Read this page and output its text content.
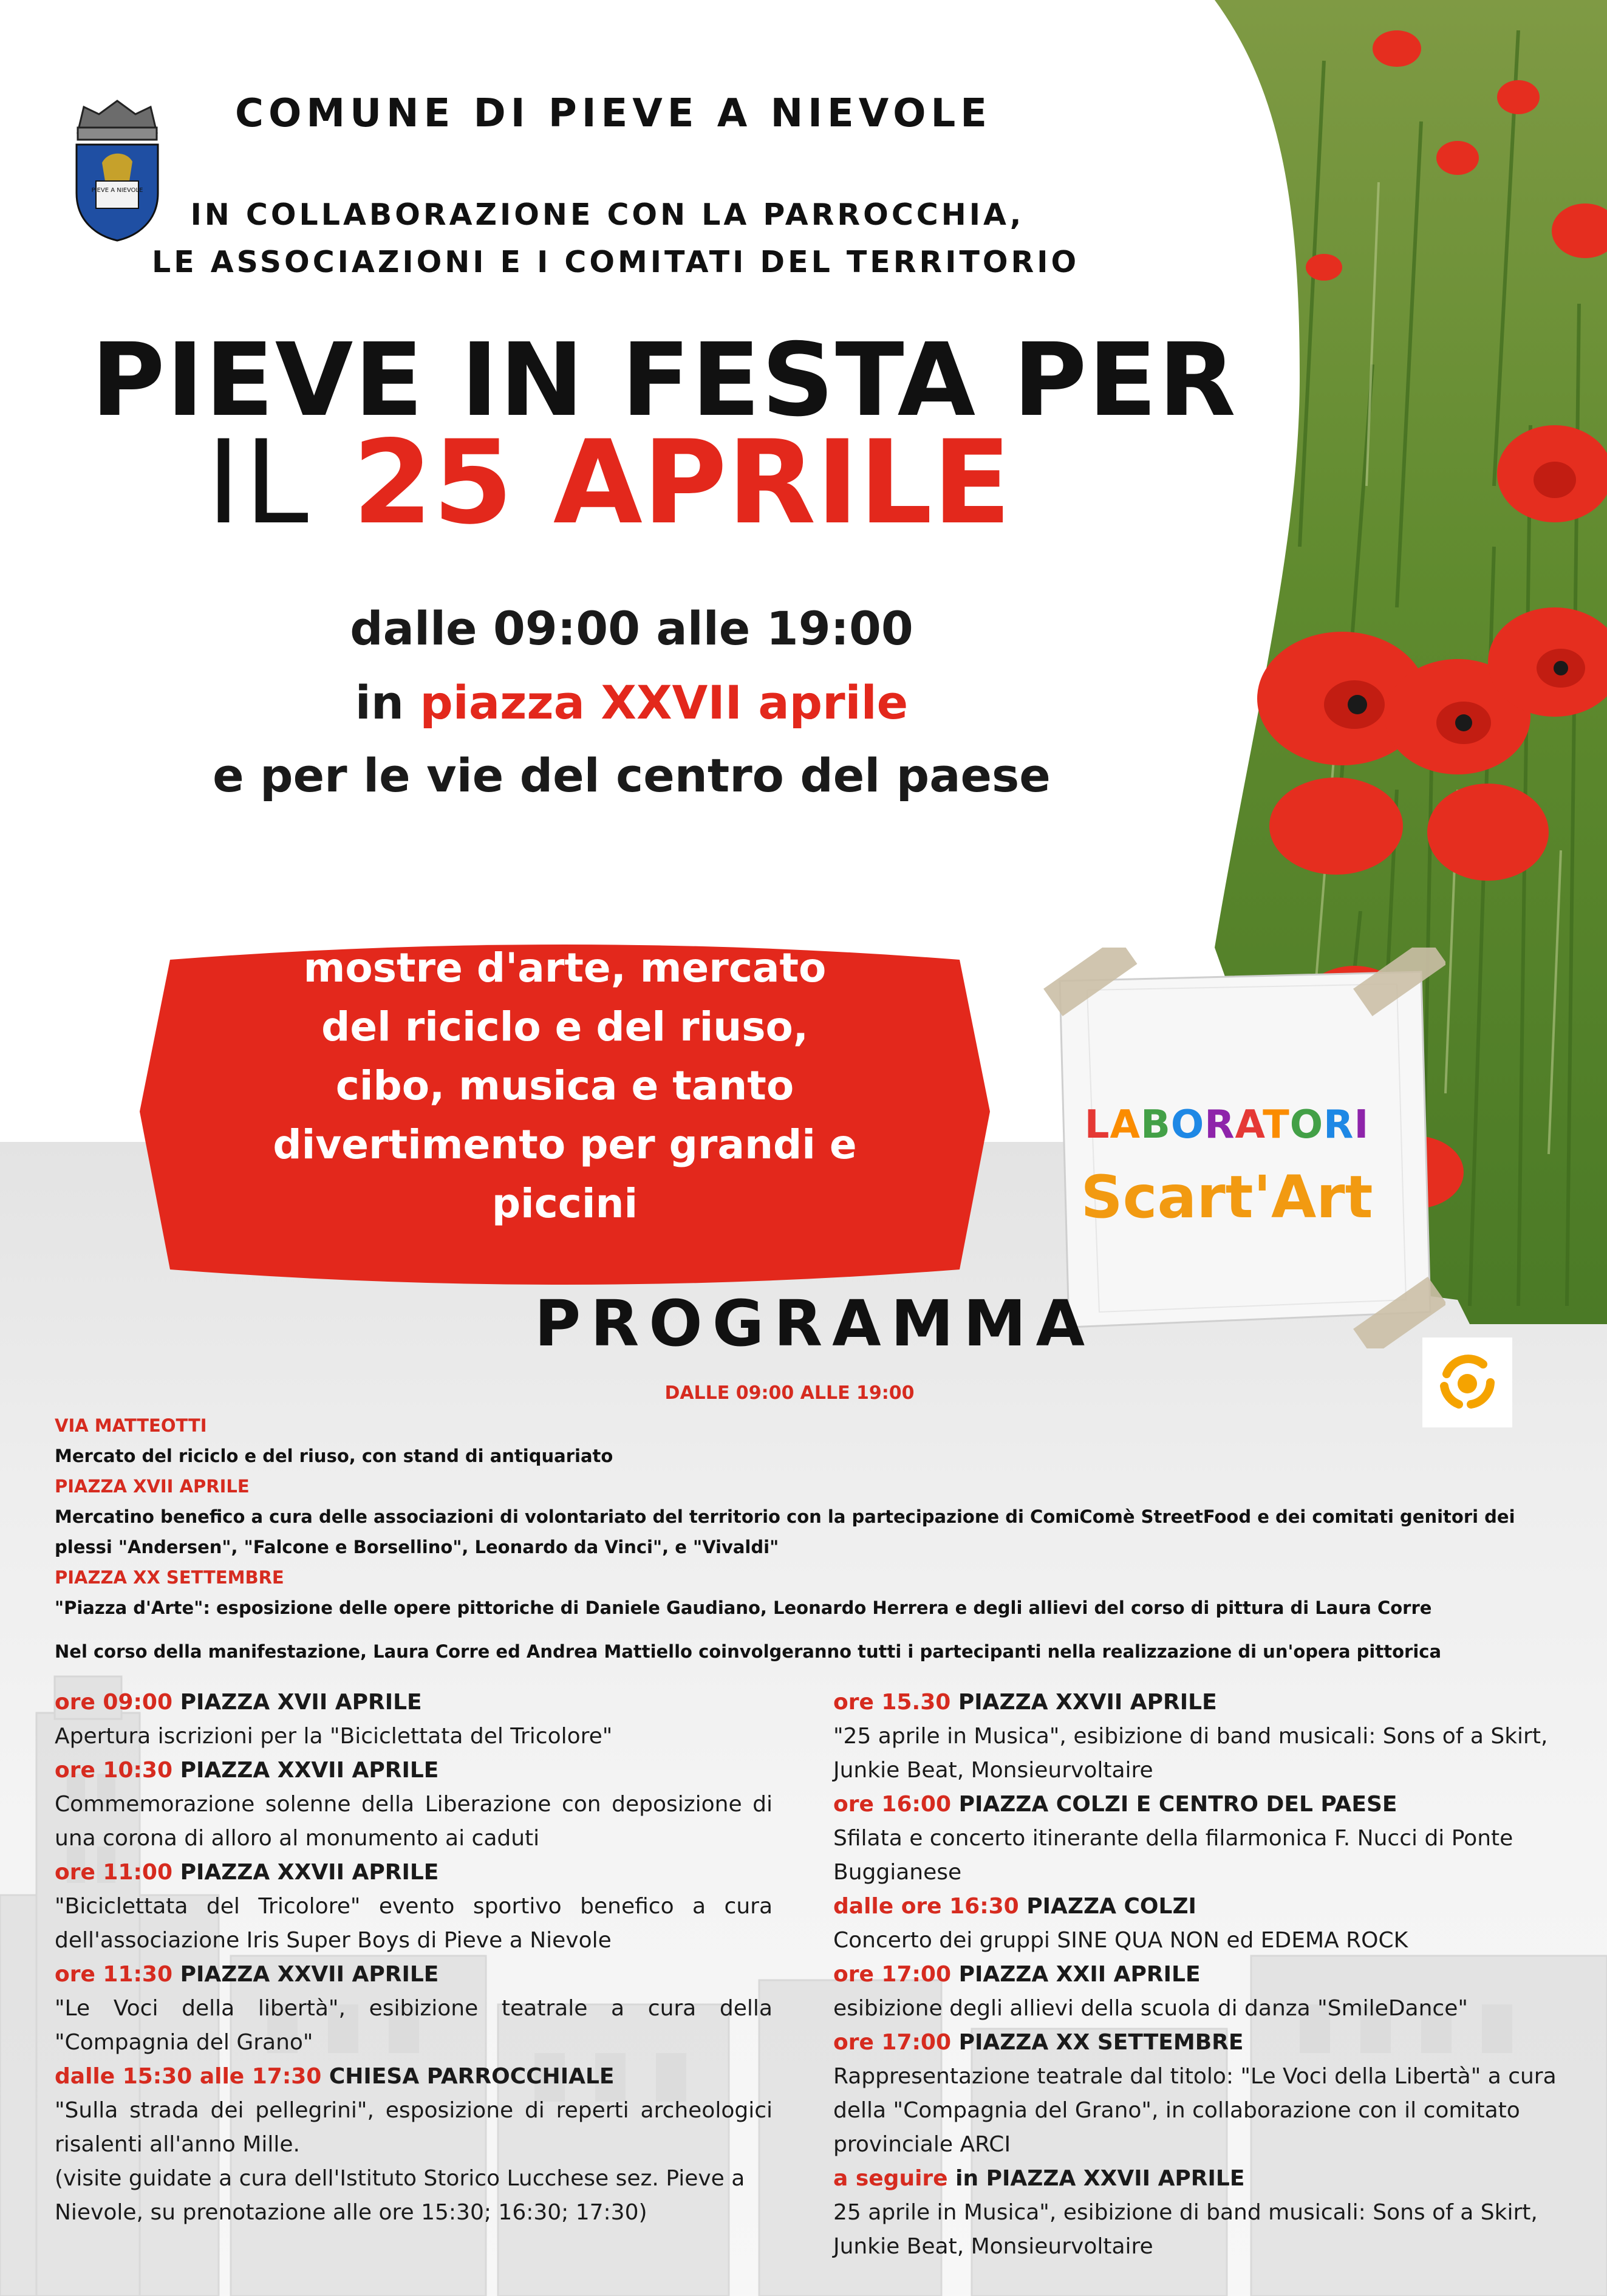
PIEVE A NIEVOLE
COMUNE DI PIEVE A NIEVOLE
IN COLLABORAZIONE CON LA PARROCCHIA,
LE ASSOCIAZIONI E I COMITATI DEL TERRITORIO
PIEVE IN FESTA PER
IL 25 APRILE
dalle 09:00 alle 19:00
in piazza XXVII aprile
e per le vie del centro del paese
mostre d'arte, mercato
del riciclo e del riuso,
cibo, musica e tanto
divertimento per grandi e
piccini
LABORATORI
Scart'Art
PROGRAMMA
DALLE 09:00 ALLE 19:00
VIA MATTEOTTI
Mercato del riciclo e del riuso, con stand di antiquariato
PIAZZA XVII APRILE
Mercatino benefico a cura delle associazioni di volontariato del territorio con la partecipazione di ComiComè StreetFood e dei comitati genitori dei plessi "Andersen", "Falcone e Borsellino", Leonardo da Vinci", e "Vivaldi"
PIAZZA XX SETTEMBRE
"Piazza d'Arte": esposizione delle opere pittoriche di Daniele Gaudiano, Leonardo Herrera e degli allievi del corso di pittura di Laura Corre
Nel corso della manifestazione, Laura Corre ed Andrea Mattiello coinvolgeranno tutti i partecipanti nella realizzazione di un'opera pittorica
ore 09:00 PIAZZA XVII APRILE
Apertura iscrizioni per la "Biciclettata del Tricolore"
ore 10:30 PIAZZA XXVII APRILE
Commemorazione solenne della Liberazione con deposizione di una corona di alloro al monumento ai caduti
ore 11:00 PIAZZA XXVII APRILE
"Biciclettata del Tricolore" evento sportivo benefico a cura dell'associazione Iris Super Boys di Pieve a Nievole
ore 11:30 PIAZZA XXVII APRILE
"Le Voci della libertà", esibizione teatrale a cura della "Compagnia del Grano"
dalle 15:30 alle 17:30 CHIESA PARROCCHIALE
"Sulla strada dei pellegrini", esposizione di reperti archeologici risalenti all'anno Mille.
(visite guidate a cura dell'Istituto Storico Lucchese sez. Pieve a Nievole, su prenotazione alle ore 15:30; 16:30; 17:30)
ore 15.30 PIAZZA XXVII APRILE
"25 aprile in Musica", esibizione di band musicali: Sons of a Skirt, Junkie Beat, Monsieurvoltaire
ore 16:00 PIAZZA COLZI E CENTRO DEL PAESE
Sfilata e concerto itinerante della filarmonica F. Nucci di Ponte Buggianese
dalle ore 16:30 PIAZZA COLZI
Concerto dei gruppi SINE QUA NON ed EDEMA ROCK
ore 17:00 PIAZZA XXII APRILE
esibizione degli allievi della scuola di danza "SmileDance"
ore 17:00 PIAZZA XX SETTEMBRE
Rappresentazione teatrale dal titolo: "Le Voci della Libertà" a cura della "Compagnia del Grano", in collaborazione con il comitato provinciale ARCI
a seguire in PIAZZA XXVII APRILE
25 aprile in Musica", esibizione di band musicali: Sons of a Skirt, Junkie Beat, Monsieurvoltaire
